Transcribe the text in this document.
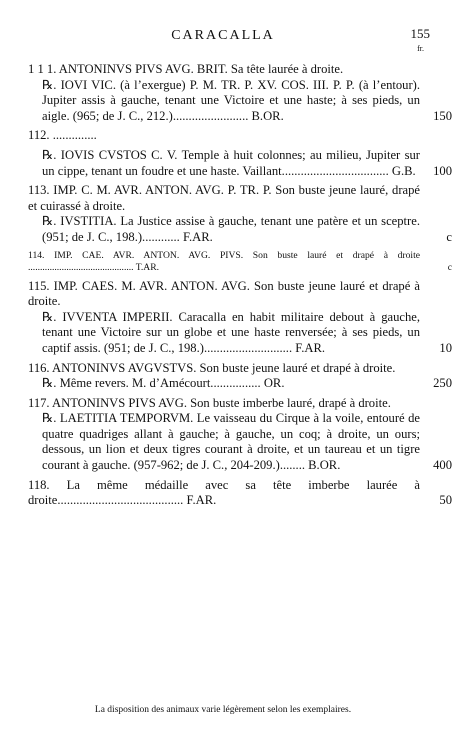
CARACALLA	155
fr.
1 1 1. ANTONINVS PIVS AVG. BRIT. Sa tête laurée à droite.
℞. IOVI VIC. (à l’exergue) P. M. TR. P. XV. COS. III. P. P. (à l’entour). Jupiter assis à gauche, tenant une Victoire et une haste; à ses pieds, un aigle. (965; de J. C., 212.)........................ B.OR.	150
112. ..............
℞. IOVIS CVSTOS C. V. Temple à huit colonnes; au milieu, Jupiter sur un cippe, tenant un foudre et une haste. Vaillant.................................. G.B.	100
113. IMP. C. M. AVR. ANTON. AVG. P. TR. P. Son buste jeune lauré, drapé et cuirassé à droite.
℞. IVSTITIA. La Justice assise à gauche, tenant une patère et un sceptre. (951; de J. C., 198.)............ F.AR.	c
114. IMP. CAE. AVR. ANTON. AVG. PIVS. Son buste lauré et drapé à droite ............................................ T.AR.	c
115. IMP. CAES. M. AVR. ANTON. AVG. Son buste jeune lauré et drapé à droite.
℞. IVVENTA IMPERII. Caracalla en habit militaire debout à gauche, tenant une Victoire sur un globe et une haste renversée; à ses pieds, un captif assis. (951; de J. C., 198.)............................ F.AR.	10
116. ANTONINVS AVGVSTVS. Son buste jeune lauré et drapé à droite.
℞. Même revers. M. d’Amécourt................ OR.	250
117. ANTONINVS PIVS AVG. Son buste imberbe lauré, drapé à droite.
℞. LAETITIA TEMPORVM. Le vaisseau du Cirque à la voile, entouré de quatre quadriges allant à gauche; à gauche, un coq; à droite, un ours; dessous, un lion et deux tigres courant à droite, et un taureau et un tigre courant à gauche. (957-962; de J. C., 204-209.)........ B.OR.	400
118. La même médaille avec sa tête imberbe laurée à droite........................................ F.AR.	50
La disposition des animaux varie légèrement selon les exemplaires.
